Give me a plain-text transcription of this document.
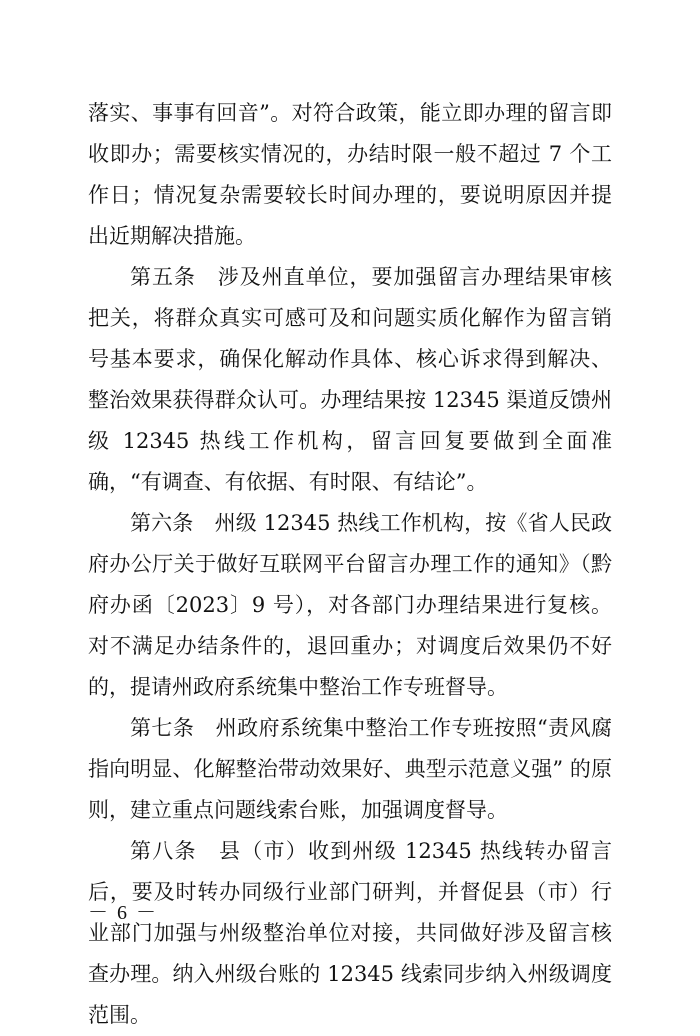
落实、事事有回音”。对符合政策，能立即办理的留言即收即办；需要核实情况的，办结时限一般不超过 7 个工作日；情况复杂需要较长时间办理的，要说明原因并提出近期解决措施。

第五条　涉及州直单位，要加强留言办理结果审核把关，将群众真实可感可及和问题实质化解作为留言销号基本要求，确保化解动作具体、核心诉求得到解决、整治效果获得群众认可。办理结果按 12345 渠道反馈州级 12345 热线工作机构，留言回复要做到全面准确，“有调查、有依据、有时限、有结论”。

第六条　州级 12345 热线工作机构，按《省人民政府办公厅关于做好互联网平台留言办理工作的通知》（黔府办函〔2023〕9 号），对各部门办理结果进行复核。对不满足办结条件的，退回重办；对调度后效果仍不好的，提请州政府系统集中整治工作专班督导。

第七条　州政府系统集中整治工作专班按照“责风腐指向明显、化解整治带动效果好、典型示范意义强” 的原则，建立重点问题线索台账，加强调度督导。

第八条　县（市）收到州级 12345 热线转办留言后，要及时转办同级行业部门研判，并督促县（市）行业部门加强与州级整治单位对接，共同做好涉及留言核查办理。纳入州级台账的 12345 线索同步纳入州级调度范围。

－ 6 －
